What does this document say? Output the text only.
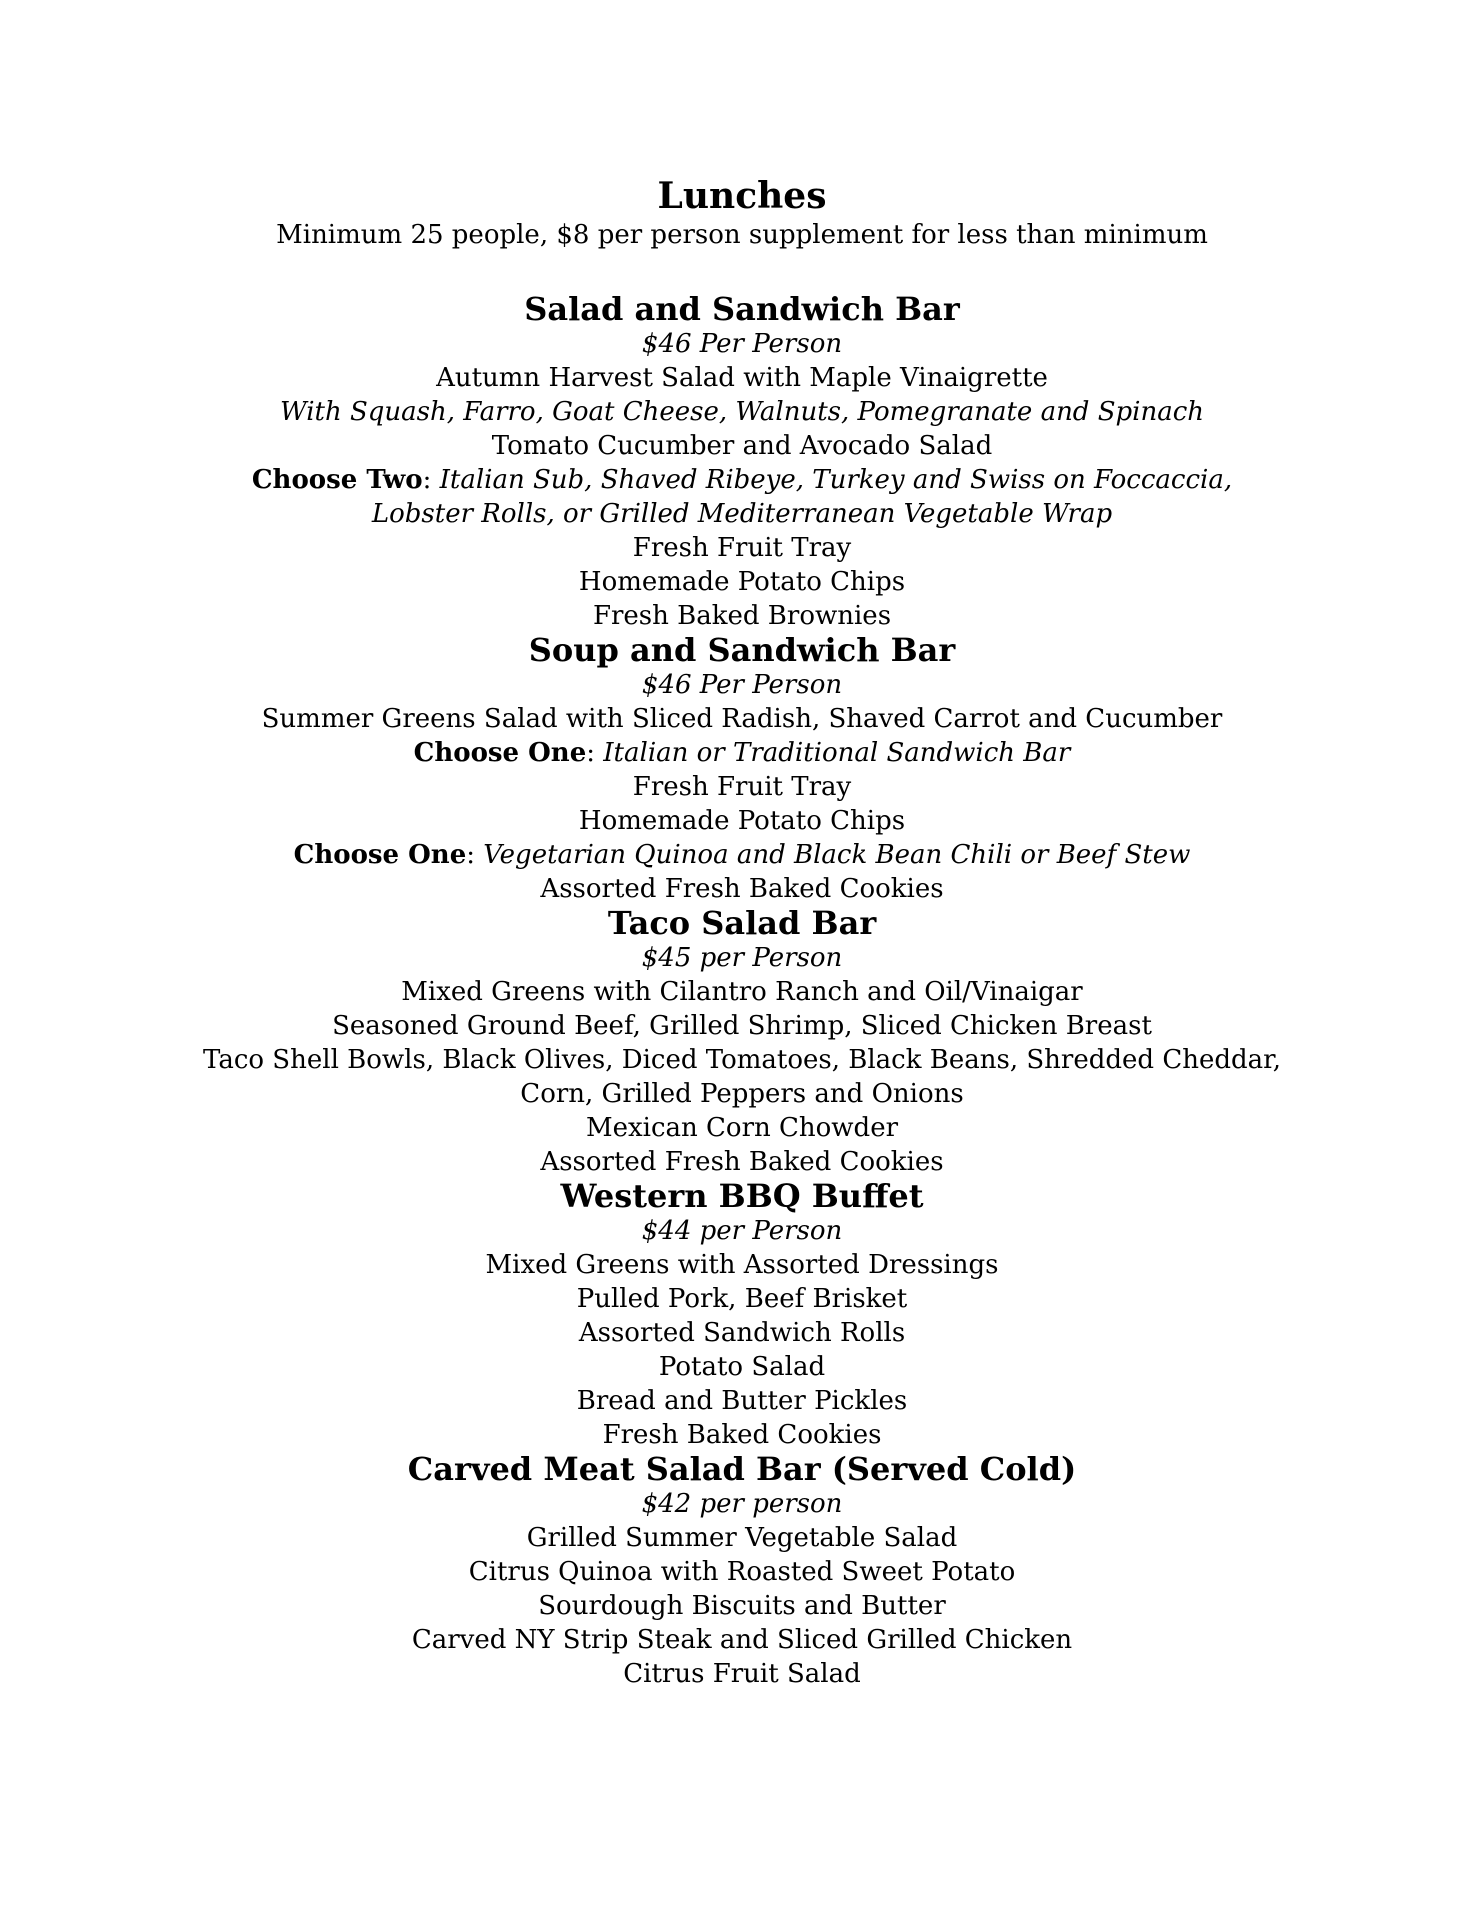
Lunches
Minimum 25 people, $8 per person supplement for less than minimum
Salad and Sandwich Bar
$46 Per Person
Autumn Harvest Salad with Maple Vinaigrette
With Squash, Farro, Goat Cheese, Walnuts, Pomegranate and Spinach
Tomato Cucumber and Avocado Salad
Choose Two: Italian Sub, Shaved Ribeye, Turkey and Swiss on Foccaccia, Lobster Rolls, or Grilled Mediterranean Vegetable Wrap
Fresh Fruit Tray
Homemade Potato Chips
Fresh Baked Brownies
Soup and Sandwich Bar
$46 Per Person
Summer Greens Salad with Sliced Radish, Shaved Carrot and Cucumber
Choose One: Italian or Traditional Sandwich Bar
Fresh Fruit Tray
Homemade Potato Chips
Choose One: Vegetarian Quinoa and Black Bean Chili or Beef Stew
Assorted Fresh Baked Cookies
Taco Salad Bar
$45 per Person
Mixed Greens with Cilantro Ranch and Oil/Vinaigar
Seasoned Ground Beef, Grilled Shrimp, Sliced Chicken Breast
Taco Shell Bowls, Black Olives, Diced Tomatoes, Black Beans, Shredded Cheddar,
Corn, Grilled Peppers and Onions
Mexican Corn Chowder
Assorted Fresh Baked Cookies
Western BBQ Buffet
$44 per Person
Mixed Greens with Assorted Dressings
Pulled Pork, Beef Brisket
Assorted Sandwich Rolls
Potato Salad
Bread and Butter Pickles
Fresh Baked Cookies
Carved Meat Salad Bar (Served Cold)
$42 per person
Grilled Summer Vegetable Salad
Citrus Quinoa with Roasted Sweet Potato
Sourdough Biscuits and Butter
Carved NY Strip Steak and Sliced Grilled Chicken
Citrus Fruit Salad
